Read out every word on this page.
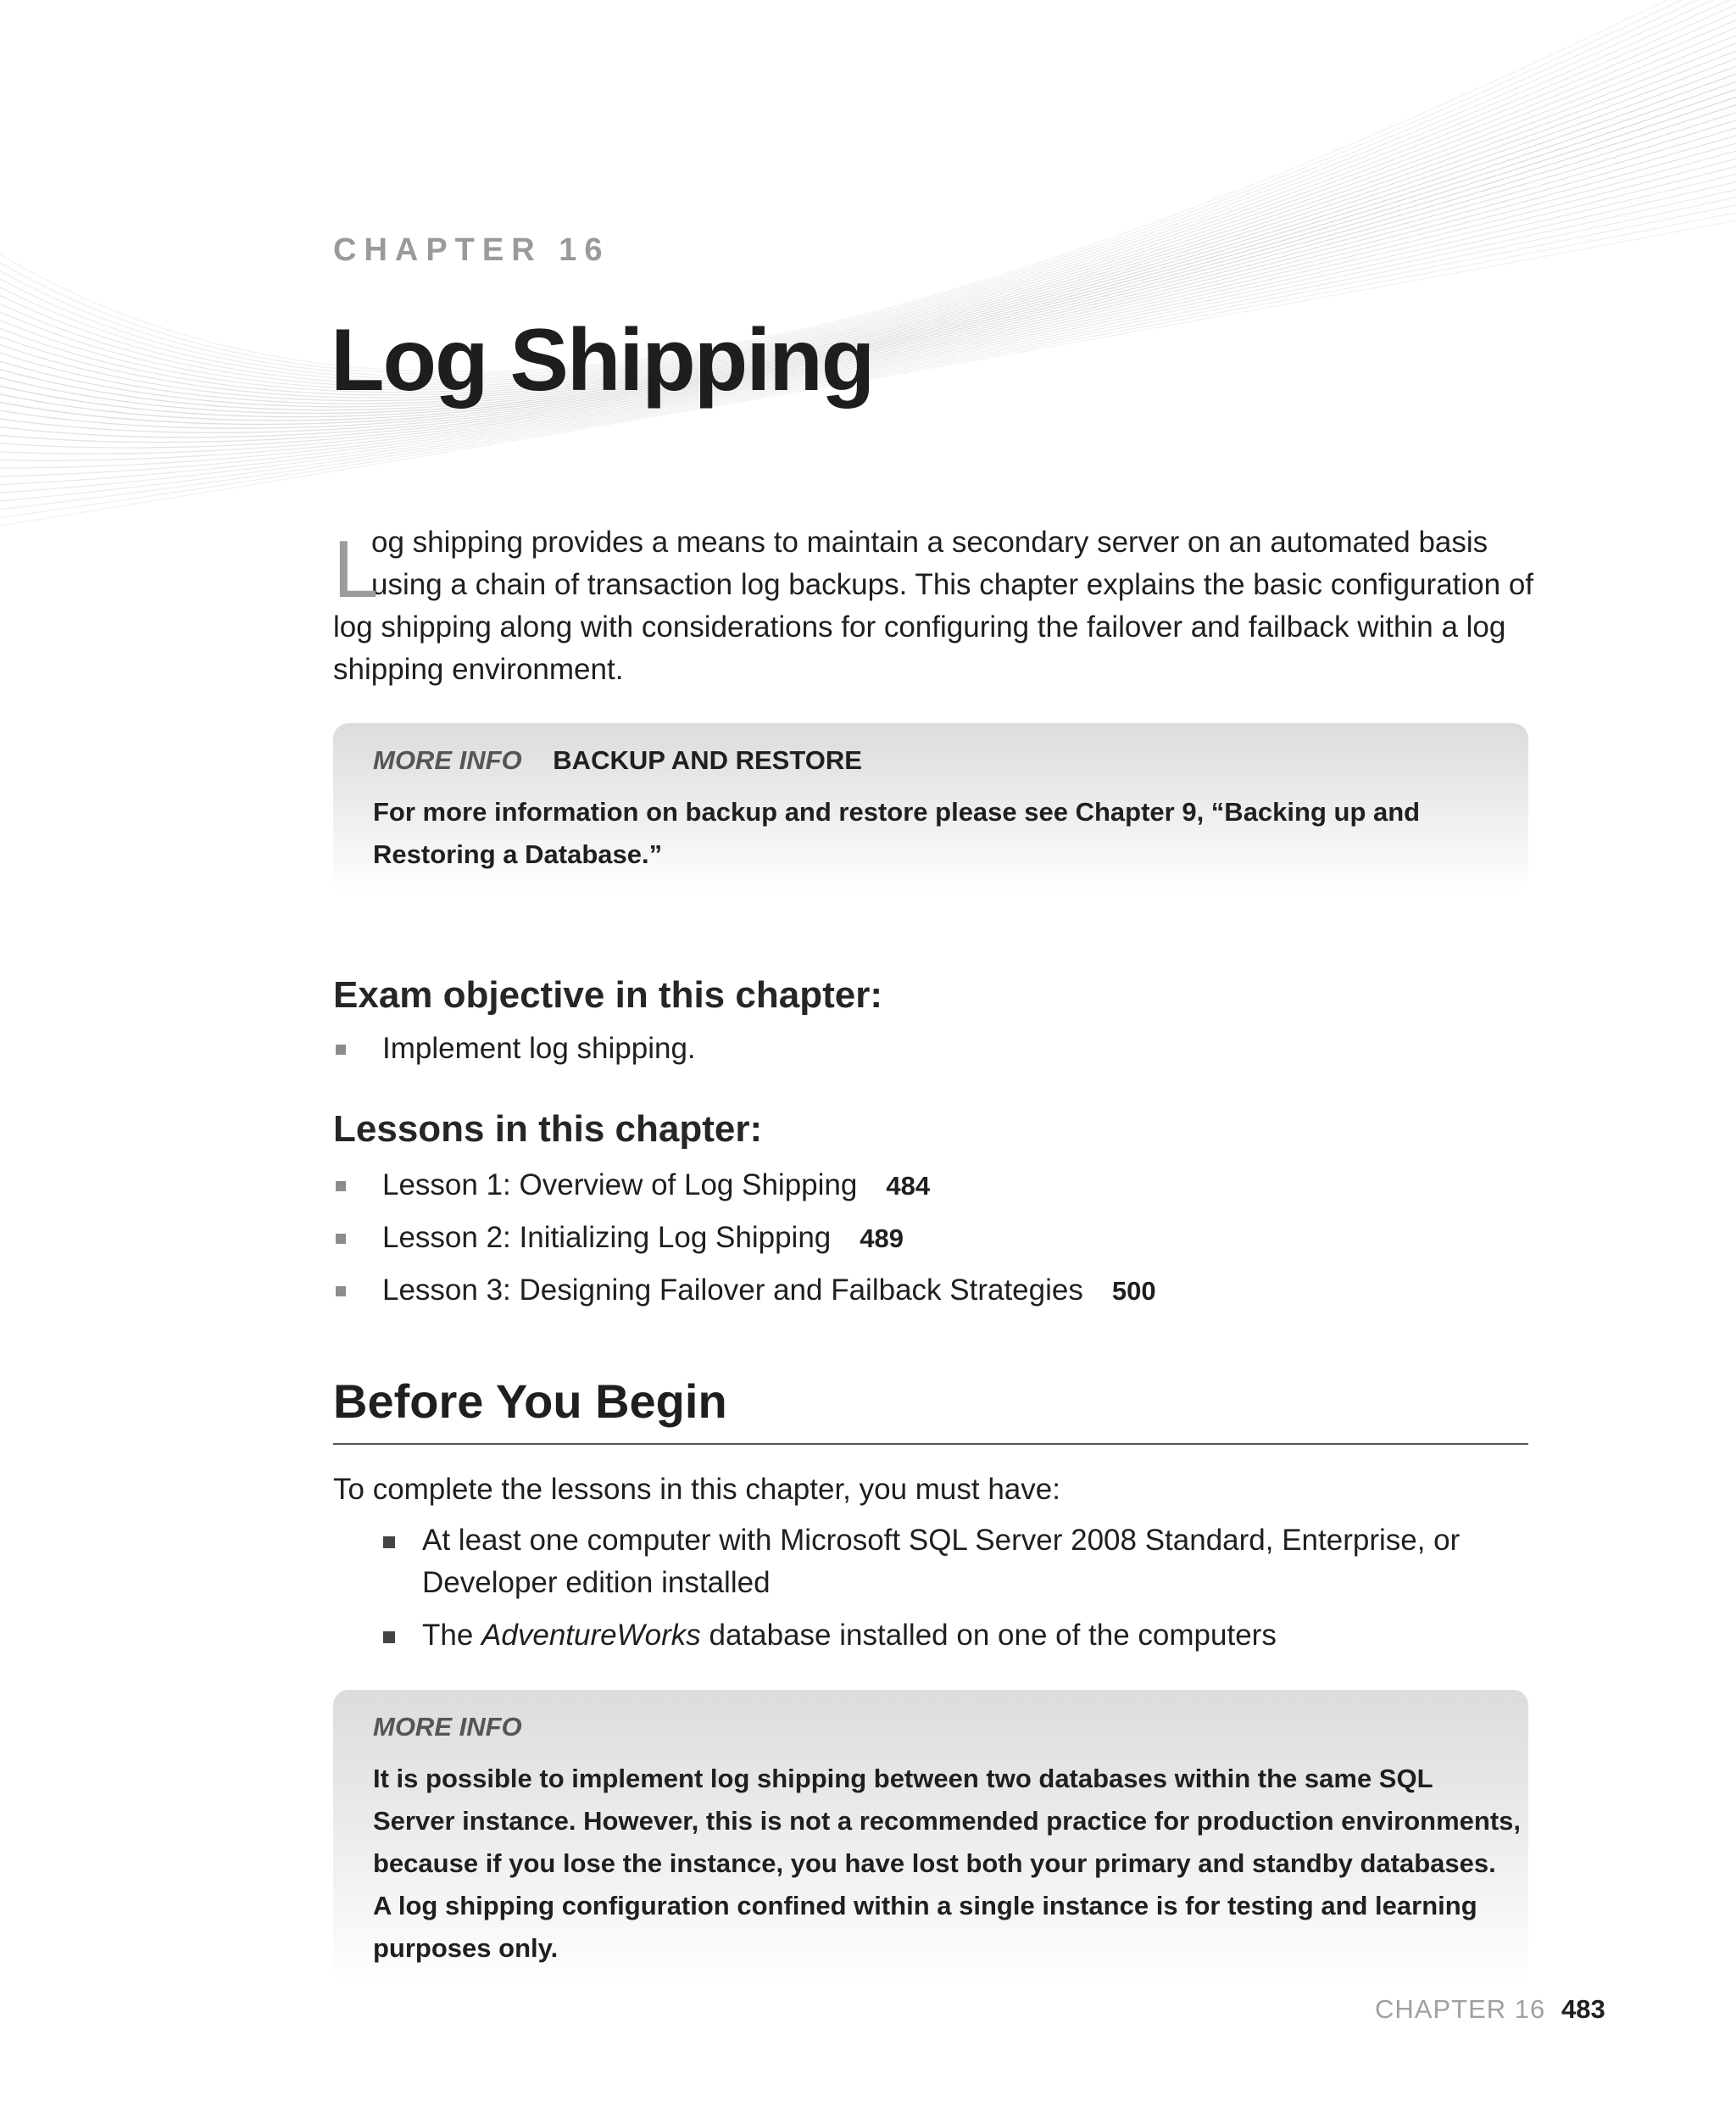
CHAPTER 16
Log Shipping
L
og shipping provides a means to maintain a secondary server on an automated basis
using a chain of transaction log backups. This chapter explains the basic configuration of
log shipping along with considerations for configuring the failover and failback within a log
shipping environment.
MORE INFO BACKUP AND RESTORE
For more information on backup and restore please see Chapter 9, “Backing up and
Restoring a Database.”
Exam objective in this chapter:
Implement log shipping.
Lessons in this chapter:
Lesson 1: Overview of Log Shipping 484
Lesson 2: Initializing Log Shipping 489
Lesson 3: Designing Failover and Failback Strategies 500
Before You Begin
To complete the lessons in this chapter, you must have:
At least one computer with Microsoft SQL Server 2008 Standard, Enterprise, or
Developer edition installed
The AdventureWorks database installed on one of the computers
MORE INFO
It is possible to implement log shipping between two databases within the same SQL
Server instance. However, this is not a recommended practice for production environments,
because if you lose the instance, you have lost both your primary and standby databases.
A log shipping configuration confined within a single instance is for testing and learning
purposes only.
CHAPTER 16 483
